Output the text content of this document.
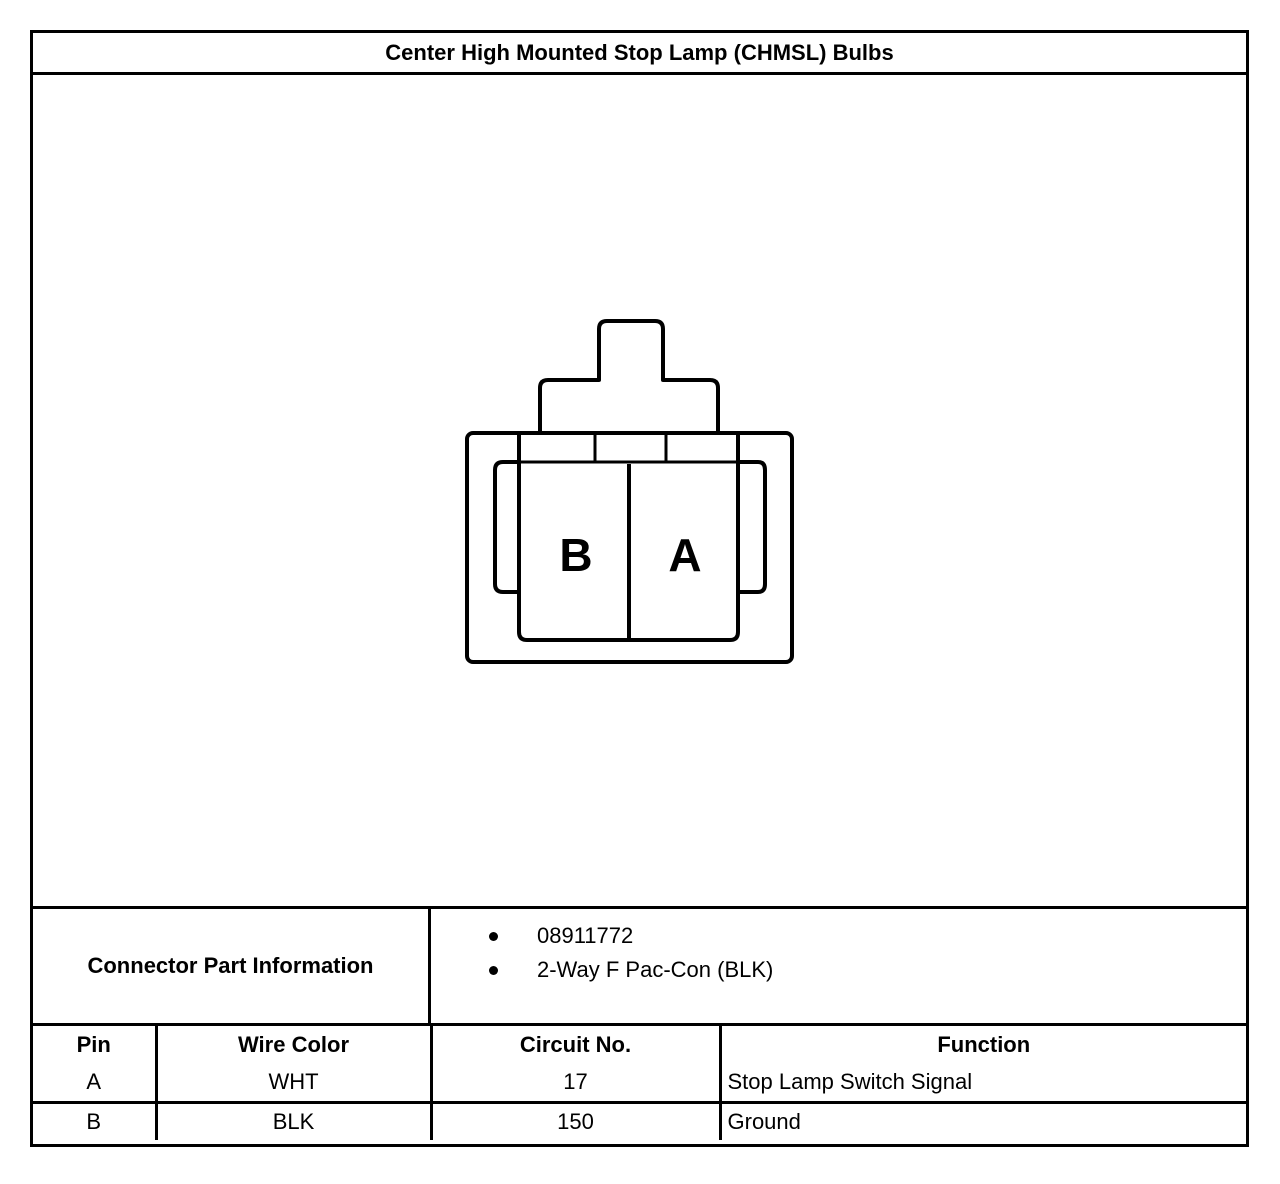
Center High Mounted Stop Lamp (CHMSL) Bulbs
B A
Connector Part Information
08911772
2-Way F Pac-Con (BLK)
Pin	Wire Color	Circuit No.	Function
A	WHT	17	Stop Lamp Switch Signal
B	BLK	150	Ground
